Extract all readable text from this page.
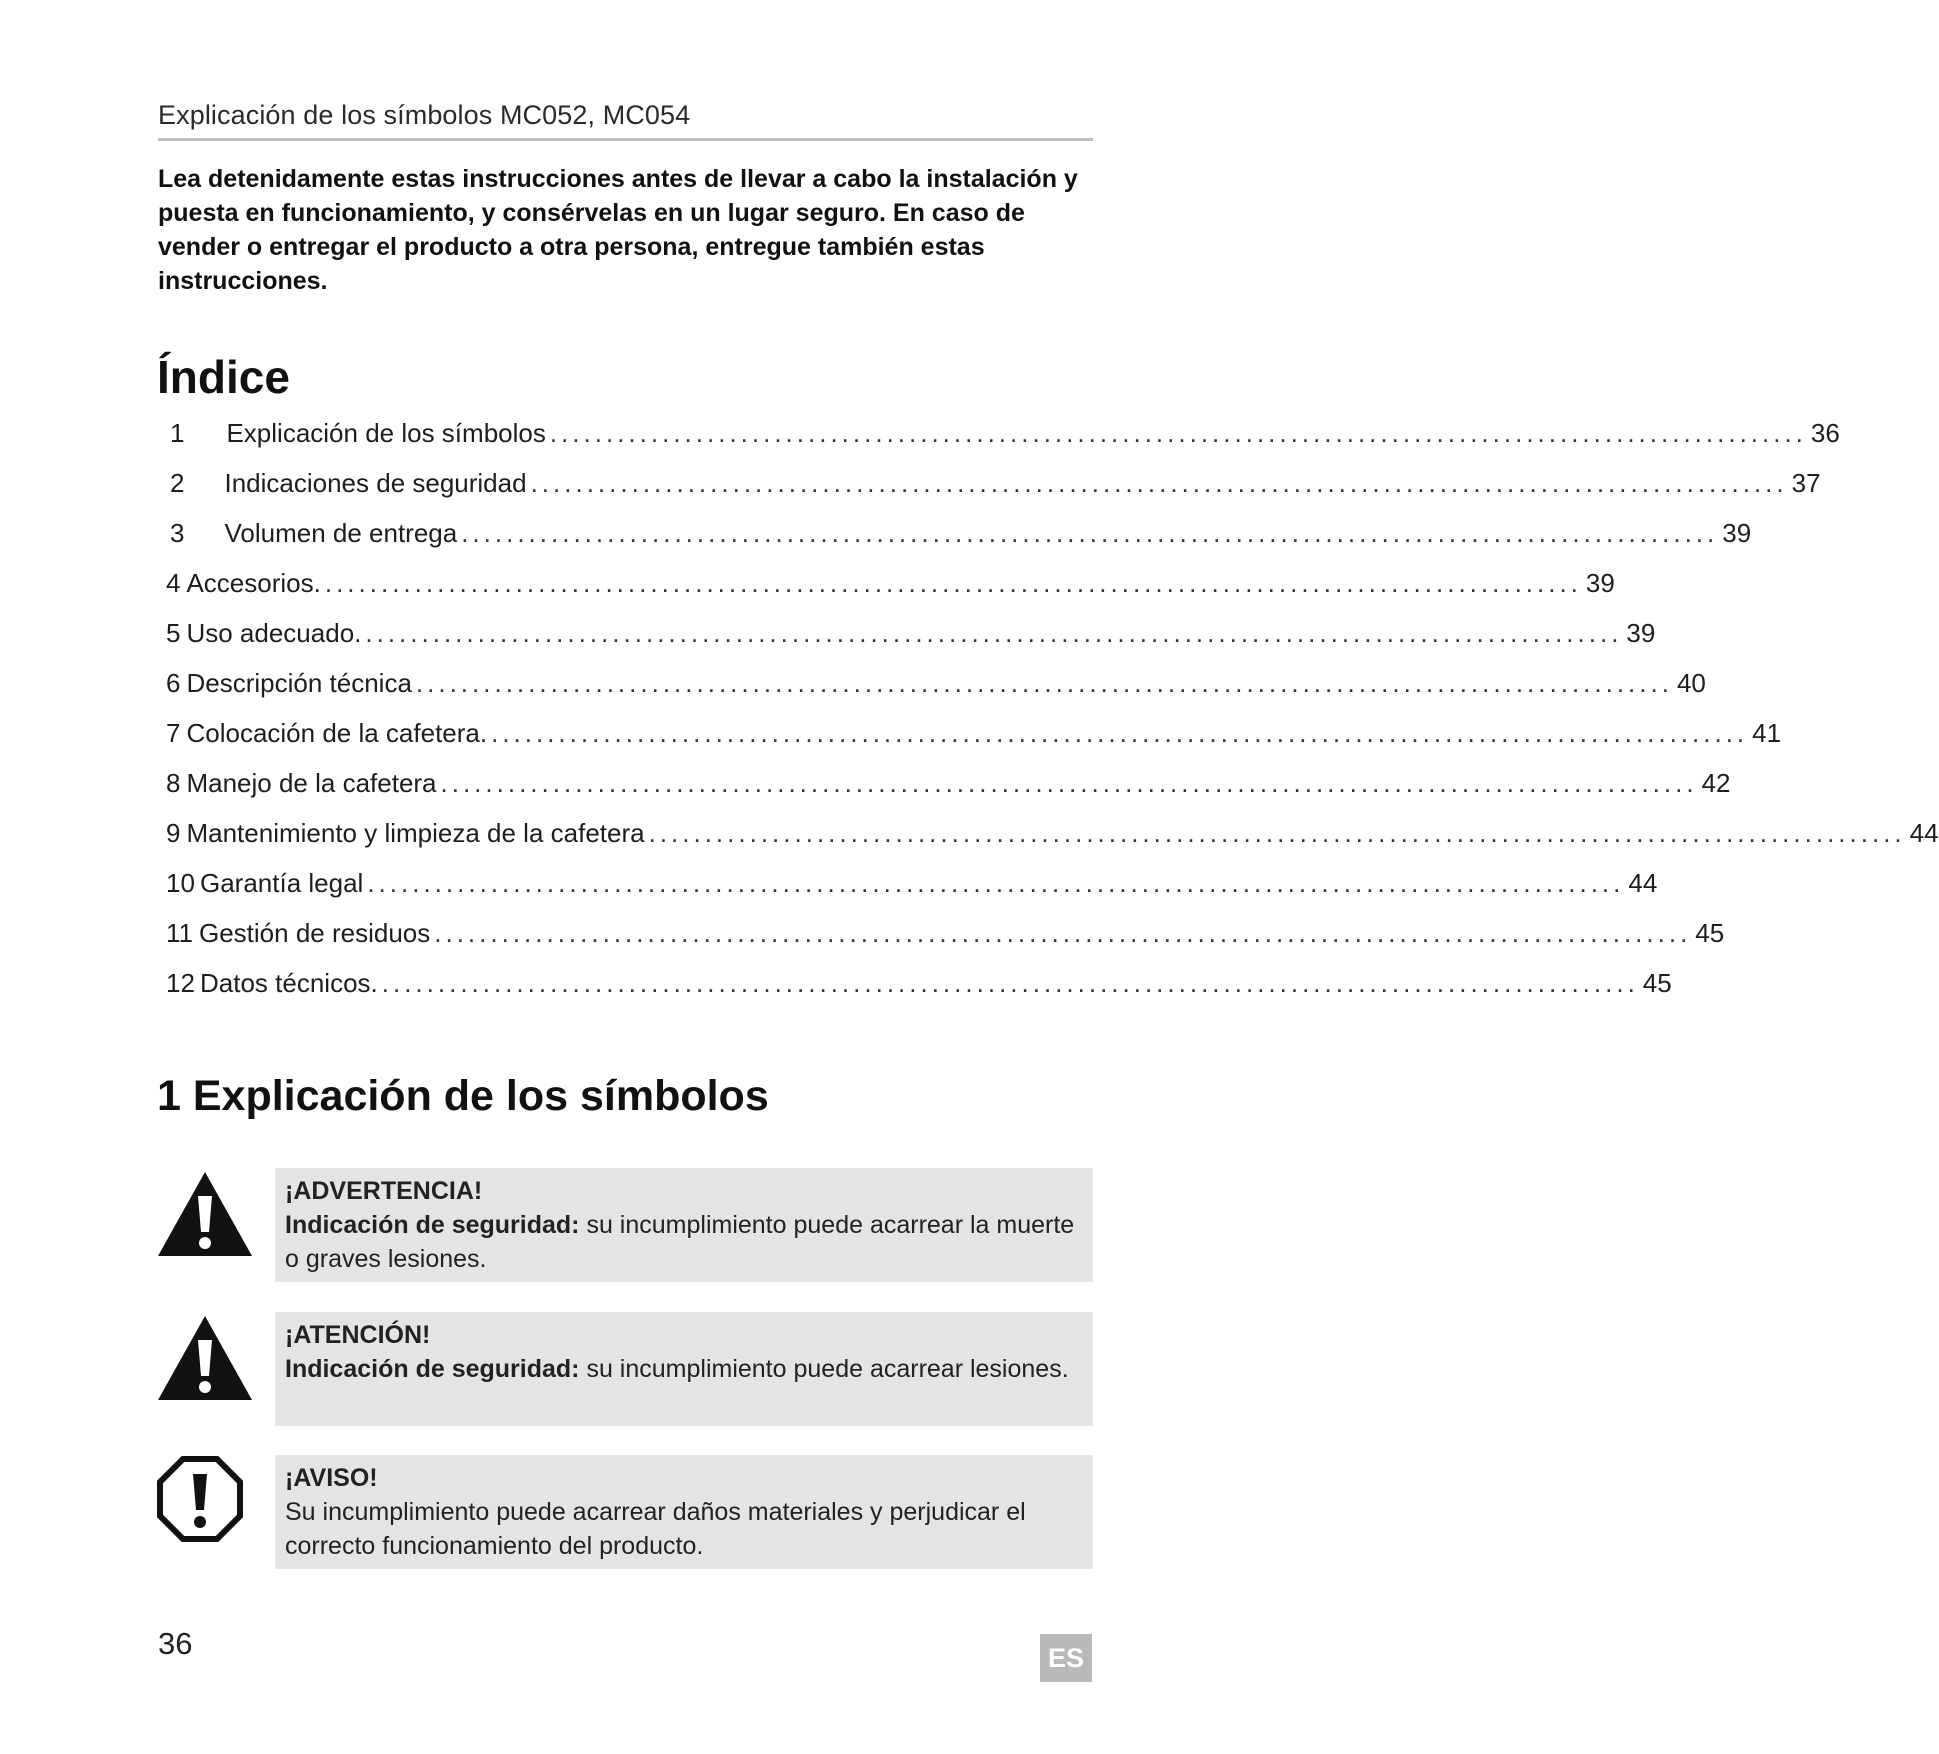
Explicación de los símbolos MC052, MC054
Lea detenidamente estas instrucciones antes de llevar a cabo la instalación y puesta en funcionamiento, y consérvelas en un lugar seguro. En caso de vender o entregar el producto a otra persona, entregue también estas instrucciones.
Índice
1 Explicación de los símbolos ................................................................................................................ 36
2 Indicaciones de seguridad ................................................................................................................ 37
3 Volumen de entrega ................................................................................................................ 39
4 Accesorios. ................................................................................................................ 39
5 Uso adecuado. ................................................................................................................ 39
6 Descripción técnica ................................................................................................................ 40
7 Colocación de la cafetera. ................................................................................................................ 41
8 Manejo de la cafetera ................................................................................................................ 42
9 Mantenimiento y limpieza de la cafetera ................................................................................................................ 44
10 Garantía legal ................................................................................................................ 44
11 Gestión de residuos ................................................................................................................ 45
12 Datos técnicos. ................................................................................................................ 45
1 Explicación de los símbolos
¡ADVERTENCIA!
Indicación de seguridad: su incumplimiento puede acarrear la muerte o graves lesiones.
¡ATENCIÓN!
Indicación de seguridad: su incumplimiento puede acarrear lesiones.
¡AVISO!
Su incumplimiento puede acarrear daños materiales y perjudicar el correcto funcionamiento del producto.
36	ES
